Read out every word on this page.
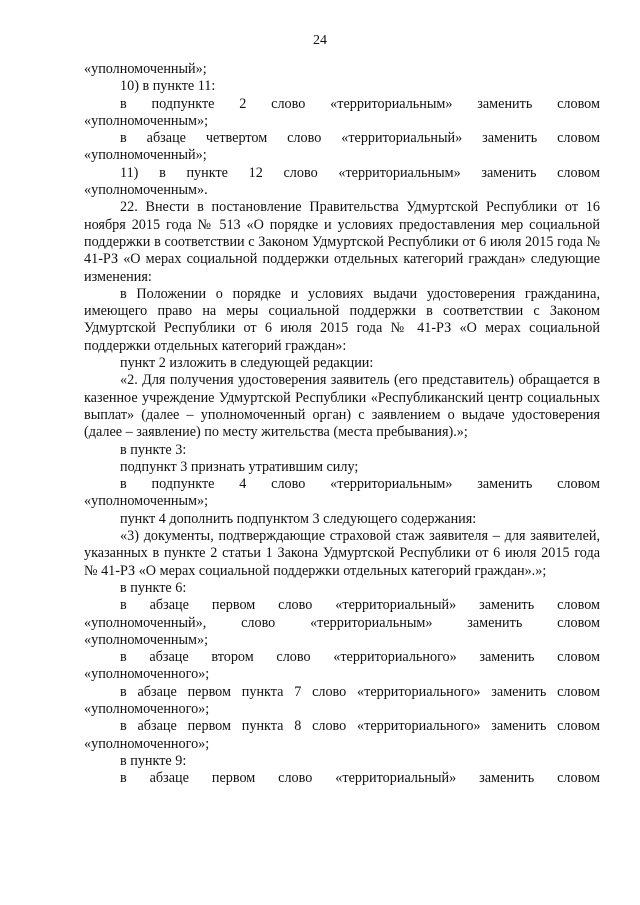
24

«уполномоченный»;

10) в пункте 11:

в подпункте 2 слово «территориальным» заменить словом «уполномоченным»;

в абзаце четвертом слово «территориальный» заменить словом «уполномоченный»;

11) в пункте 12 слово «территориальным» заменить словом «уполномоченным».

22. Внести в постановление Правительства Удмуртской Республики от 16 ноября 2015 года № 513 «О порядке и условиях предоставления мер социальной поддержки в соответствии с Законом Удмуртской Республики от 6 июля 2015 года № 41-РЗ «О мерах социальной поддержки отдельных категорий граждан» следующие изменения:

в Положении о порядке и условиях выдачи удостоверения гражданина, имеющего право на меры социальной поддержки в соответствии с Законом Удмуртской Республики от 6 июля 2015 года № 41-РЗ «О мерах социальной поддержки отдельных категорий граждан»:

пункт 2 изложить в следующей редакции:

«2. Для получения удостоверения заявитель (его представитель) обращается в казенное учреждение Удмуртской Республики «Республиканский центр социальных выплат» (далее – уполномоченный орган) с заявлением о выдаче удостоверения (далее – заявление) по месту жительства (места пребывания).»;

в пункте 3:

подпункт 3 признать утратившим силу;

в подпункте 4 слово «территориальным» заменить словом «уполномоченным»;

пункт 4 дополнить подпунктом 3 следующего содержания:

«3) документы, подтверждающие страховой стаж заявителя – для заявителей, указанных в пункте 2 статьи 1 Закона Удмуртской Республики от 6 июля 2015 года № 41-РЗ «О мерах социальной поддержки отдельных категорий граждан».»;

в пункте 6:

в абзаце первом слово «территориальный» заменить словом «уполномоченный», слово «территориальным» заменить словом «уполномоченным»;

в абзаце втором слово «территориального» заменить словом «уполномоченного»;

в абзаце первом пункта 7 слово «территориального» заменить словом «уполномоченного»;

в абзаце первом пункта 8 слово «территориального» заменить словом «уполномоченного»;

в пункте 9:

в абзаце первом слово «территориальный» заменить словом
